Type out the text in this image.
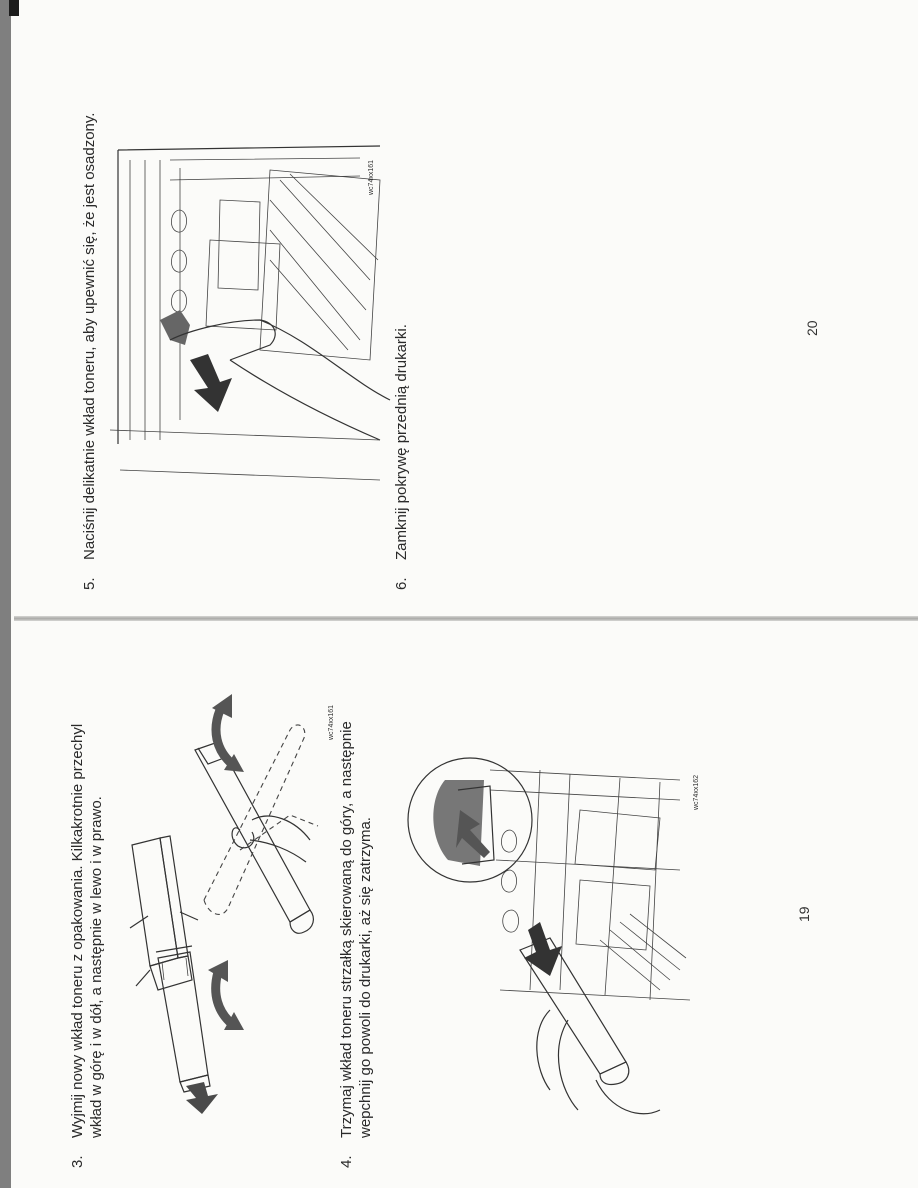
3.Wyjmij nowy wkład toneru z opakowania. Kilkakrotnie przechyl wkład w górę i w dół, a następnie w lewo i w prawo.
wc74xx161
4.Trzymaj wkład toneru strzałką skierowaną do góry, a następnie wepchnij go powoli do drukarki, aż się zatrzyma.
wc74xx162
19
5.Naciśnij delikatnie wkład toneru, aby upewnić się, że jest osadzony.	wc74xx161
6.Zamknij pokrywę przednią drukarki.	20
